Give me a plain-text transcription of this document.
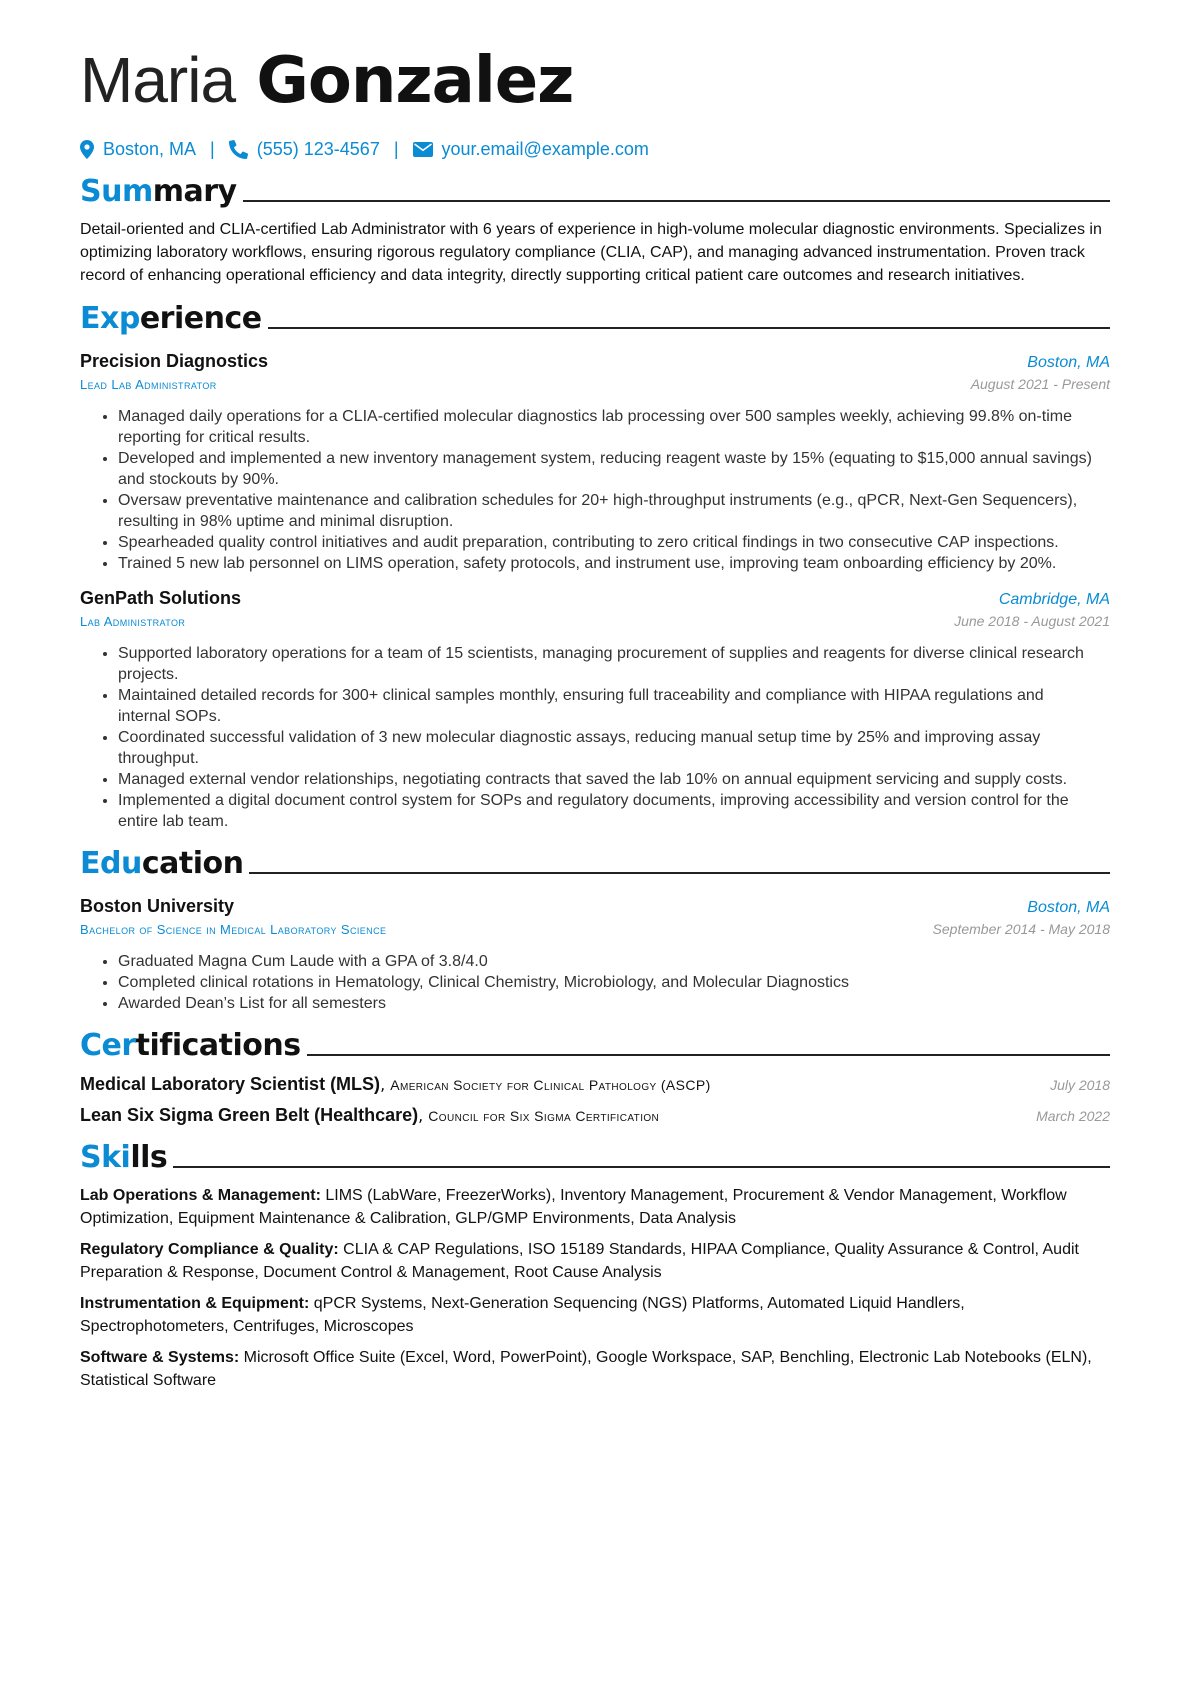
Maria Gonzalez
Boston, MA | (555) 123-4567 | your.email@example.com
Summary

Detail-oriented and CLIA-certified Lab Administrator with 6 years of experience in high-volume molecular diagnostic environments. Specializes in optimizing laboratory workflows, ensuring rigorous regulatory compliance (CLIA, CAP), and managing advanced instrumentation. Proven track record of enhancing operational efficiency and data integrity, directly supporting critical patient care outcomes and research initiatives.

Experience
Precision Diagnostics	Boston, MA
Lead Lab Administrator	August 2021 - Present
• Managed daily operations for a CLIA-certified molecular diagnostics lab processing over 500 samples weekly, achieving 99.8% on-time reporting for critical results.
• Developed and implemented a new inventory management system, reducing reagent waste by 15% (equating to $15,000 annual savings) and stockouts by 90%.
• Oversaw preventative maintenance and calibration schedules for 20+ high-throughput instruments (e.g., qPCR, Next-Gen Sequencers), resulting in 98% uptime and minimal disruption.
• Spearheaded quality control initiatives and audit preparation, contributing to zero critical findings in two consecutive CAP inspections.
• Trained 5 new lab personnel on LIMS operation, safety protocols, and instrument use, improving team onboarding efficiency by 20%.
GenPath Solutions	Cambridge, MA
Lab Administrator	June 2018 - August 2021
• Supported laboratory operations for a team of 15 scientists, managing procurement of supplies and reagents for diverse clinical research projects.
• Maintained detailed records for 300+ clinical samples monthly, ensuring full traceability and compliance with HIPAA regulations and internal SOPs.
• Coordinated successful validation of 3 new molecular diagnostic assays, reducing manual setup time by 25% and improving assay throughput.
• Managed external vendor relationships, negotiating contracts that saved the lab 10% on annual equipment servicing and supply costs.
• Implemented a digital document control system for SOPs and regulatory documents, improving accessibility and version control for the entire lab team.
Education
Boston University	Boston, MA
Bachelor of Science in Medical Laboratory Science	September 2014 - May 2018
• Graduated Magna Cum Laude with a GPA of 3.8/4.0
• Completed clinical rotations in Hematology, Clinical Chemistry, Microbiology, and Molecular Diagnostics
• Awarded Dean’s List for all semesters
Certifications
Medical Laboratory Scientist (MLS), American Society for Clinical Pathology (ASCP)	July 2018
Lean Six Sigma Green Belt (Healthcare), Council for Six Sigma Certification	March 2022
Skills
Lab Operations & Management: LIMS (LabWare, FreezerWorks), Inventory Management, Procurement & Vendor Management, Workflow Optimization, Equipment Maintenance & Calibration, GLP/GMP Environments, Data Analysis
Regulatory Compliance & Quality: CLIA & CAP Regulations, ISO 15189 Standards, HIPAA Compliance, Quality Assurance & Control, Audit Preparation & Response, Document Control & Management, Root Cause Analysis
Instrumentation & Equipment: qPCR Systems, Next-Generation Sequencing (NGS) Platforms, Automated Liquid Handlers, Spectrophotometers, Centrifuges, Microscopes
Software & Systems: Microsoft Office Suite (Excel, Word, PowerPoint), Google Workspace, SAP, Benchling, Electronic Lab Notebooks (ELN), Statistical Software
